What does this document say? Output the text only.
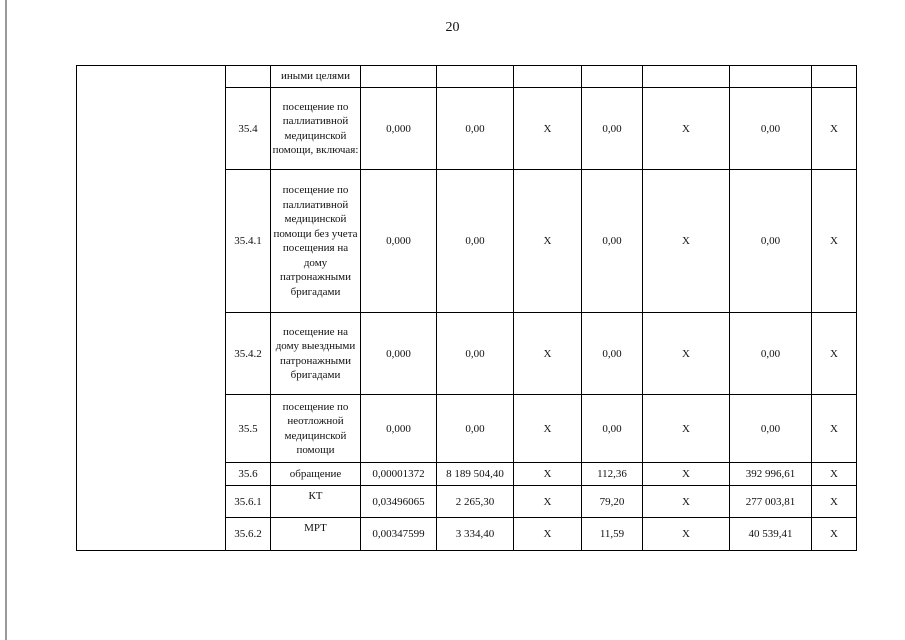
20
		иными целями							
	35.4	посещение по паллиативной медицинской помощи, включая:	0,000	0,00	X	0,00	X	0,00	X
	35.4.1	посещение по паллиативной медицинской помощи без учета посещения на дому патронажными бригадами	0,000	0,00	X	0,00	X	0,00	X
	35.4.2	посещение на дому выездными патронажными бригадами	0,000	0,00	X	0,00	X	0,00	X
	35.5	посещение по неотложной медицинской помощи	0,000	0,00	X	0,00	X	0,00	X
	35.6	обращение	0,00001372	8 189 504,40	X	112,36	X	392 996,61	X
	35.6.1	КТ	0,03496065	2 265,30	X	79,20	X	277 003,81	X
	35.6.2	МРТ	0,00347599	3 334,40	X	11,59	X	40 539,41	X
